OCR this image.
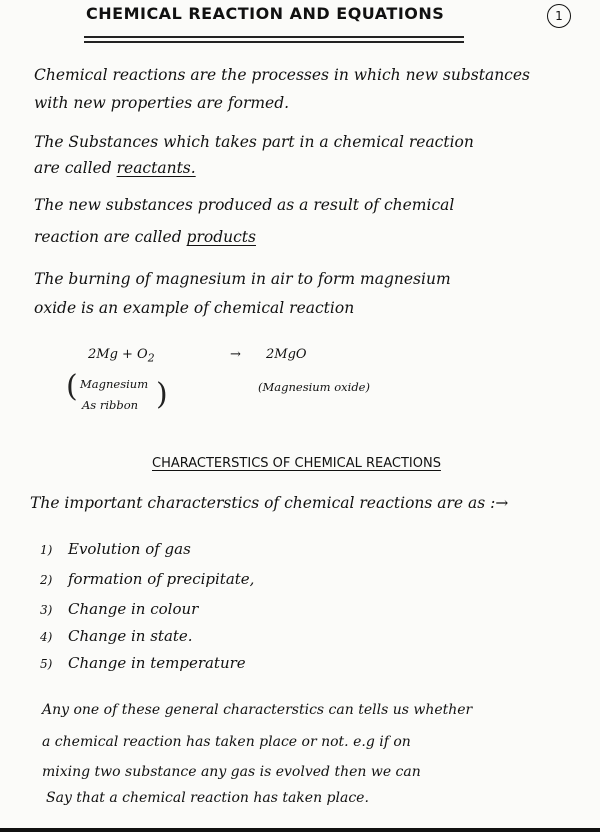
CHEMICAL REACTION AND EQUATIONS	1
Chemical reactions are the processes in which new substances
with new properties are formed.
The Substances which takes part in a chemical reaction
are called reactants.
The new substances produced as a result of chemical
reaction are called products
The burning of magnesium in air to form magnesium
oxide is an example of chemical reaction
$2Mg + O_2$	→ 2MgO
( Magnesium
As ribbon )	(Magnesium oxide)
CHARACTERSTICS OF CHEMICAL REACTIONS
The important characterstics of chemical reactions are as :→
1) Evolution of gas
2) formation of precipitate,
3) Change in colour
4) Change in state.
5) Change in temperature
Any one of these general characterstics can tells us whether
a chemical reaction has taken place or not. e.g if on
mixing two substance any gas is evolved then we can
Say that a chemical reaction has taken place.
